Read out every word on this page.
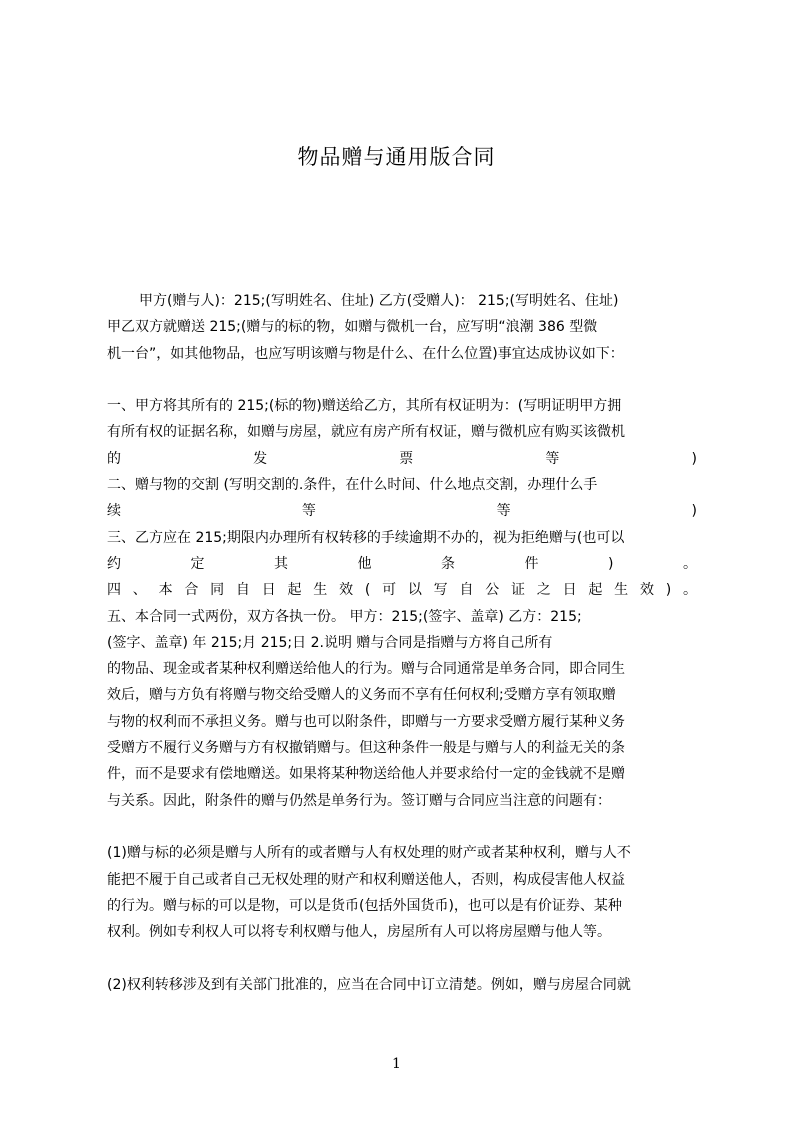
物品赠与通用版合同
甲方(赠与人)：215;(写明姓名、住址) 乙方(受赠人)： 215;(写明姓名、住址)
甲乙双方就赠送 215;(赠与的标的物，如赠与微机一台，应写明“浪潮 386 型微
机一台”，如其他物品，也应写明该赠与物是什么、在什么位置)事宜达成协议如下：
一、甲方将其所有的 215;(标的物)赠送给乙方，其所有权证明为：(写明证明甲方拥
有所有权的证据名称，如赠与房屋，就应有房产所有权证，赠与微机应有购买该微机
的　发　票　等　)
二、赠与物的交割 (写明交割的.条件，在什么时间、什么地点交割，办理什么手
续　等　等　)
三、乙方应在 215;期限内办理所有权转移的手续逾期不办的，视为拒绝赠与(也可以
约　定　其　他　条　件　)　。
四、本合同自日起生效(可以写自公证之日起生效)。
五、本合同一式两份，双方各执一份。 甲方：215;(签字、盖章) 乙方：215;
(签字、盖章) 年 215;月 215;日 2.说明 赠与合同是指赠与方将自己所有
的物品、现金或者某种权利赠送给他人的行为。赠与合同通常是单务合同，即合同生
效后，赠与方负有将赠与物交给受赠人的义务而不享有任何权利;受赠方享有领取赠
与物的权利而不承担义务。赠与也可以附条件，即赠与一方要求受赠方履行某种义务
受赠方不履行义务赠与方有权撤销赠与。但这种条件一般是与赠与人的利益无关的条
件，而不是要求有偿地赠送。如果将某种物送给他人并要求给付一定的金钱就不是赠
与关系。因此，附条件的赠与仍然是单务行为。签订赠与合同应当注意的问题有：
(1)赠与标的必须是赠与人所有的或者赠与人有权处理的财产或者某种权利，赠与人不
能把不履于自己或者自己无权处理的财产和权利赠送他人，否则，构成侵害他人权益
的行为。赠与标的可以是物，可以是货币(包括外国货币)，也可以是有价证券、某种
权利。例如专利权人可以将专利权赠与他人，房屋所有人可以将房屋赠与他人等。
(2)权利转移涉及到有关部门批准的，应当在合同中订立清楚。例如，赠与房屋合同就
1
